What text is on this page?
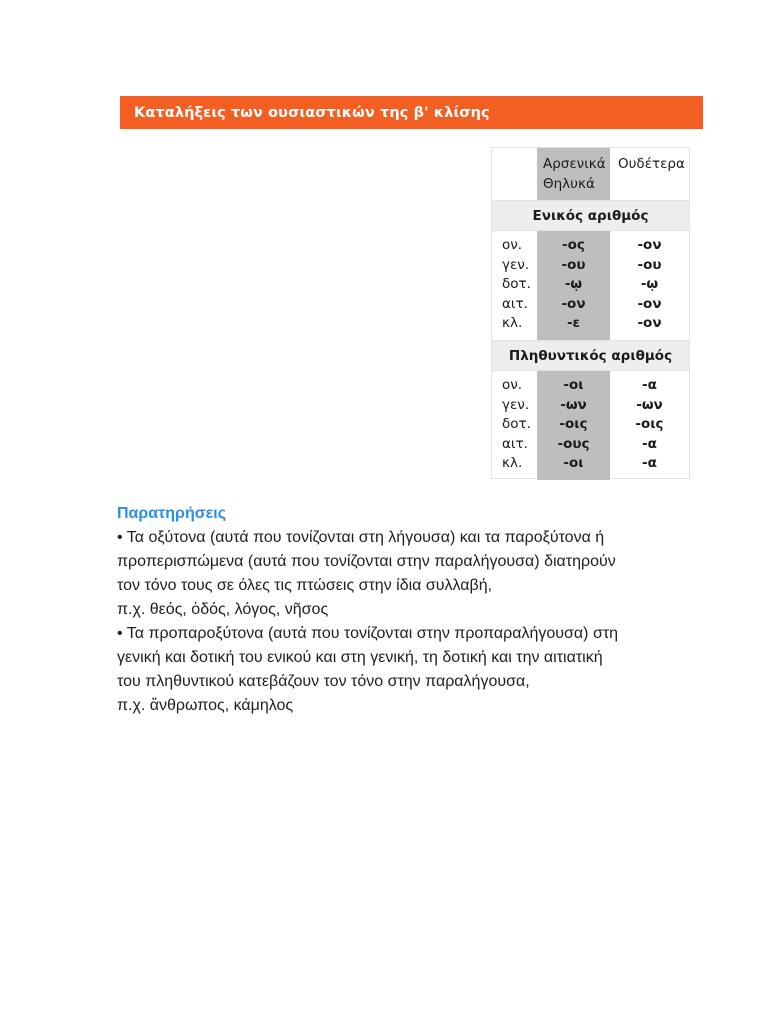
Καταλήξεις των ουσιαστικών της β' κλίσης
Αρσενικά
Θηλυκά
Ουδέτερα
Ενικός αριθμός
ον.
γεν.
δοτ.
αιτ.
κλ.
-ος
-ου
-ῳ
-ον
-ε
-ον
-ου
-ῳ
-ον
-ον
Πληθυντικός αριθμός
ον.
γεν.
δοτ.
αιτ.
κλ.
-οι
-ων
-οις
-ους
-οι
-α
-ων
-οις
-α
-α

Παρατηρήσεις

• Τα οξύτονα (αυτά που τονίζονται στη λήγουσα) και τα παροξύτονα ή

προπερισπώμενα (αυτά που τονίζονται στην παραλήγουσα) διατηρούν

τον τόνο τους σε όλες τις πτώσεις στην ίδια συλλαβή,

π.χ. θεός, ὁδός, λόγος, νῆσος

• Τα προπαροξύτονα (αυτά που τονίζονται στην προπαραλήγουσα) στη

γενική και δοτική του ενικού και στη γενική, τη δοτική και την αιτιατική

του πληθυντικού κατεβάζουν τον τόνο στην παραλήγουσα,

π.χ. ἄνθρωπος, κάμηλος
